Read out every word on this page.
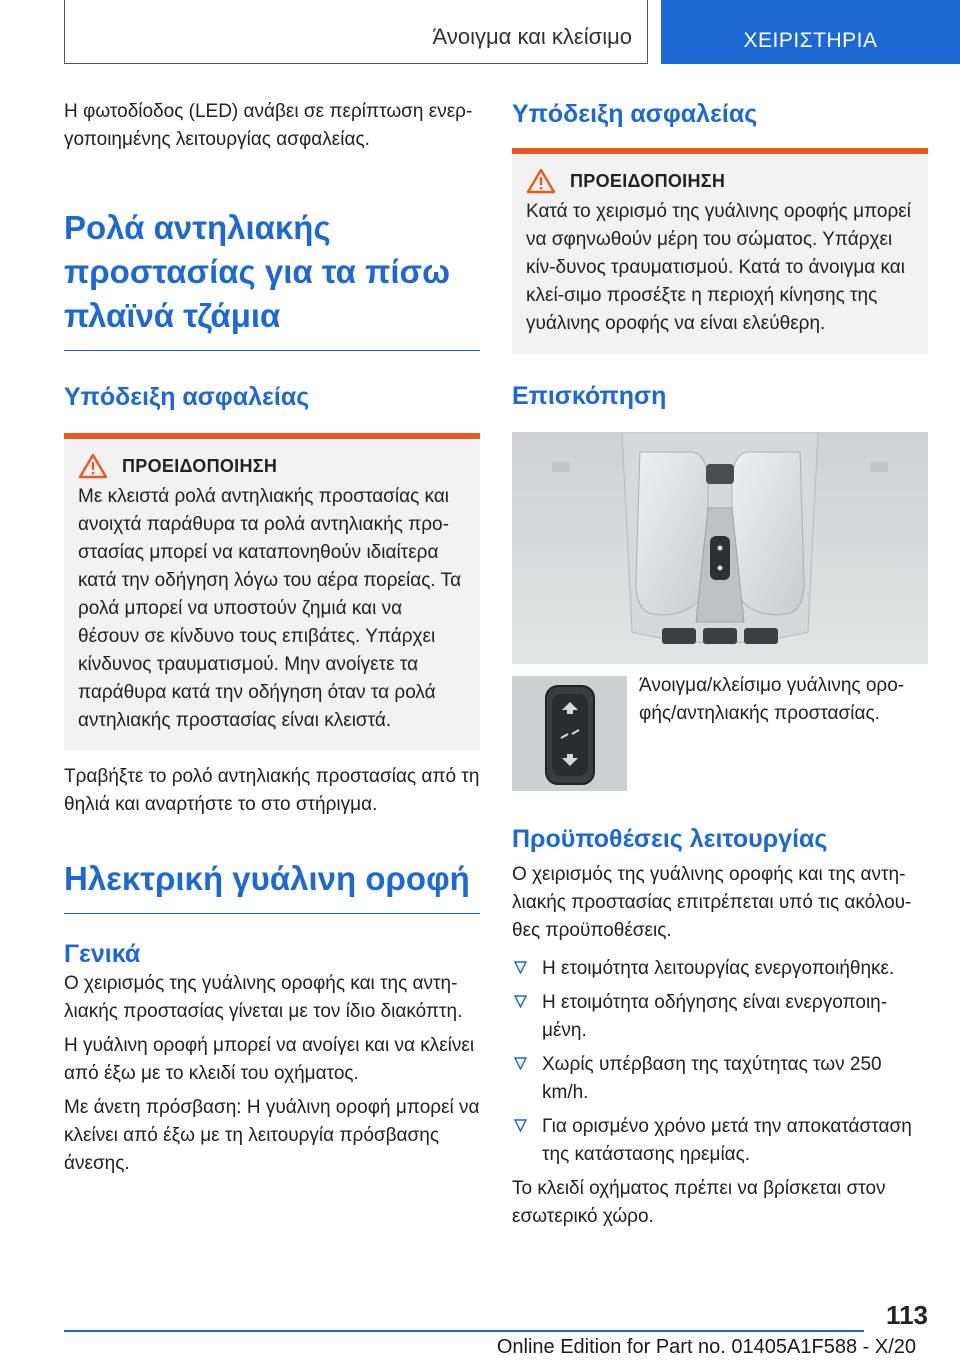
Άνοιγμα και κλείσιμο	ΧΕΙΡΙΣΤΗΡΙΑ

Η φωτοδίοδος (LED) ανάβει σε περίπτωση ενερ-γοποιημένης λειτουργίας ασφαλείας.

Ρολά αντηλιακής προστασίας για τα πίσω πλαϊνά τζάμια
Υπόδειξη ασφαλείας
ΠΡΟΕΙΔΟΠΟΙΗΣΗ

Με κλειστά ρολά αντηλιακής προστασίας και ανοιχτά παράθυρα τα ρολά αντηλιακής προ-στασίας μπορεί να καταπονηθούν ιδιαίτερα κατά την οδήγηση λόγω του αέρα πορείας. Τα ρολά μπορεί να υποστούν ζημιά και να θέσουν σε κίνδυνο τους επιβάτες. Υπάρχει κίνδυνος τραυματισμού. Μην ανοίγετε τα παράθυρα κατά την οδήγηση όταν τα ρολά αντηλιακής προστασίας είναι κλειστά.

Τραβήξτε το ρολό αντηλιακής προστασίας από τη θηλιά και αναρτήστε το στο στήριγμα.

Ηλεκτρική γυάλινη οροφή
Γενικά

Ο χειρισμός της γυάλινης οροφής και της αντη-λιακής προστασίας γίνεται με τον ίδιο διακόπτη.

Η γυάλινη οροφή μπορεί να ανοίγει και να κλείνει από έξω με το κλειδί του οχήματος.

Με άνετη πρόσβαση: Η γυάλινη οροφή μπορεί να κλείνει από έξω με τη λειτουργία πρόσβασης άνεσης.

Υπόδειξη ασφαλείας
ΠΡΟΕΙΔΟΠΟΙΗΣΗ

Κατά το χειρισμό της γυάλινης οροφής μπορεί να σφηνωθούν μέρη του σώματος. Υπάρχει κίν-δυνος τραυματισμού. Κατά το άνοιγμα και κλεί-σιμο προσέξτε η περιοχή κίνησης της γυάλινης οροφής να είναι ελεύθερη.

Επισκόπηση

Άνοιγμα/κλείσιμο γυάλινης ορο-φής/αντηλιακής προστασίας.

Προϋποθέσεις λειτουργίας

Ο χειρισμός της γυάλινης οροφής και της αντη-λιακής προστασίας επιτρέπεται υπό τις ακόλου-θες προϋποθέσεις.

Η ετοιμότητα λειτουργίας ενεργοποιήθηκε.
Η ετοιμότητα οδήγησης είναι ενεργοποιη-μένη.
Χωρίς υπέρβαση της ταχύτητας των 250 km/h.
Για ορισμένο χρόνο μετά την αποκατάσταση της κατάστασης ηρεμίας.

Το κλειδί οχήματος πρέπει να βρίσκεται στον εσωτερικό χώρο.

113
Online Edition for Part no. 01405A1F588 - X/20
